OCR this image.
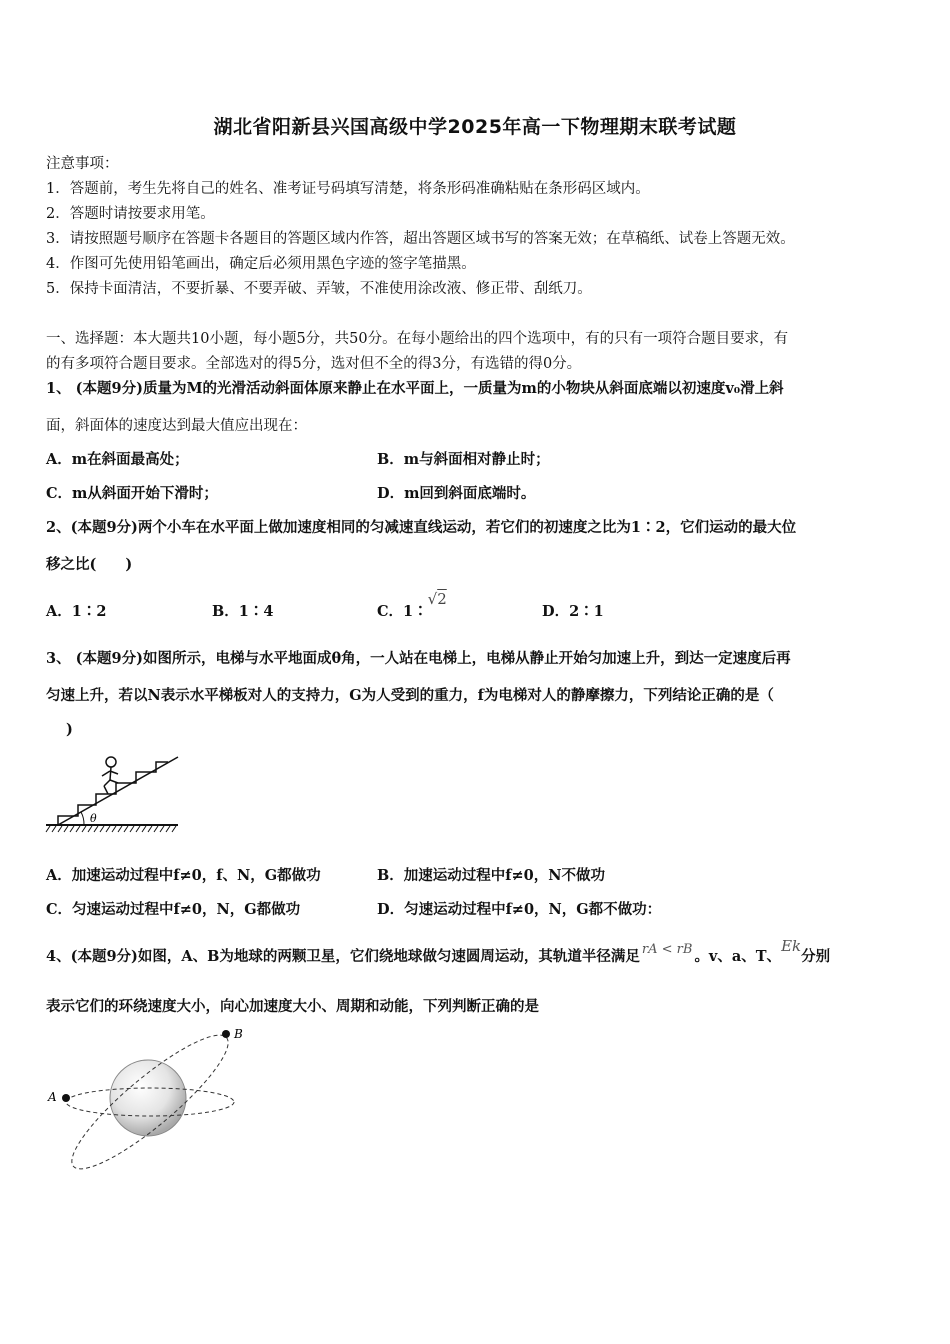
湖北省阳新县兴国高级中学2025年高一下物理期末联考试题
注意事项：
1．答题前，考生先将自己的姓名、准考证号码填写清楚，将条形码准确粘贴在条形码区域内。
2．答题时请按要求用笔。
3．请按照题号顺序在答题卡各题目的答题区域内作答，超出答题区域书写的答案无效；在草稿纸、试卷上答题无效。
4．作图可先使用铅笔画出，确定后必须用黑色字迹的签字笔描黑。
5．保持卡面清洁，不要折暴、不要弄破、弄皱，不准使用涂改液、修正带、刮纸刀。
一、选择题：本大题共10小题，每小题5分，共50分。在每小题给出的四个选项中，有的只有一项符合题目要求，有
的有多项符合题目要求。全部选对的得5分，选对但不全的得3分，有选错的得0分。
1、 (本题9分)质量为M的光滑活动斜面体原来静止在水平面上，一质量为m的小物块从斜面底端以初速度v₀滑上斜
面，斜面体的速度达到最大值应出现在：
A．m在斜面最高处；	B．m与斜面相对静止时；
C．m从斜面开始下滑时；	D．m回到斜面底端时。
2、(本题9分)两个小车在水平面上做加速度相同的匀减速直线运动，若它们的初速度之比为1∶2，它们运动的最大位
移之比(　　)
A．1∶2	B．1∶4	C．1∶√2
D．2∶1
3、 (本题9分)如图所示，电梯与水平地面成θ角，一人站在电梯上，电梯从静止开始匀加速上升，到达一定速度后再
匀速上升，若以N表示水平梯板对人的支持力，G为人受到的重力，f为电梯对人的静摩擦力，下列结论正确的是（
)
θ
A．加速运动过程中f≠0，f、N，G都做功	B．加速运动过程中f≠0，N不做功
C．匀速运动过程中f≠0，N，G都做功	D．匀速运动过程中f≠0，N，G都不做功：
4、(本题9分)如图，A、B为地球的两颗卫星，它们绕地球做匀速圆周运动，其轨道半径满足 rA < rB 。v、a、T、Ek分别
表示它们的环绕速度大小，向心加速度大小、周期和动能，下列判断正确的是
A
B
